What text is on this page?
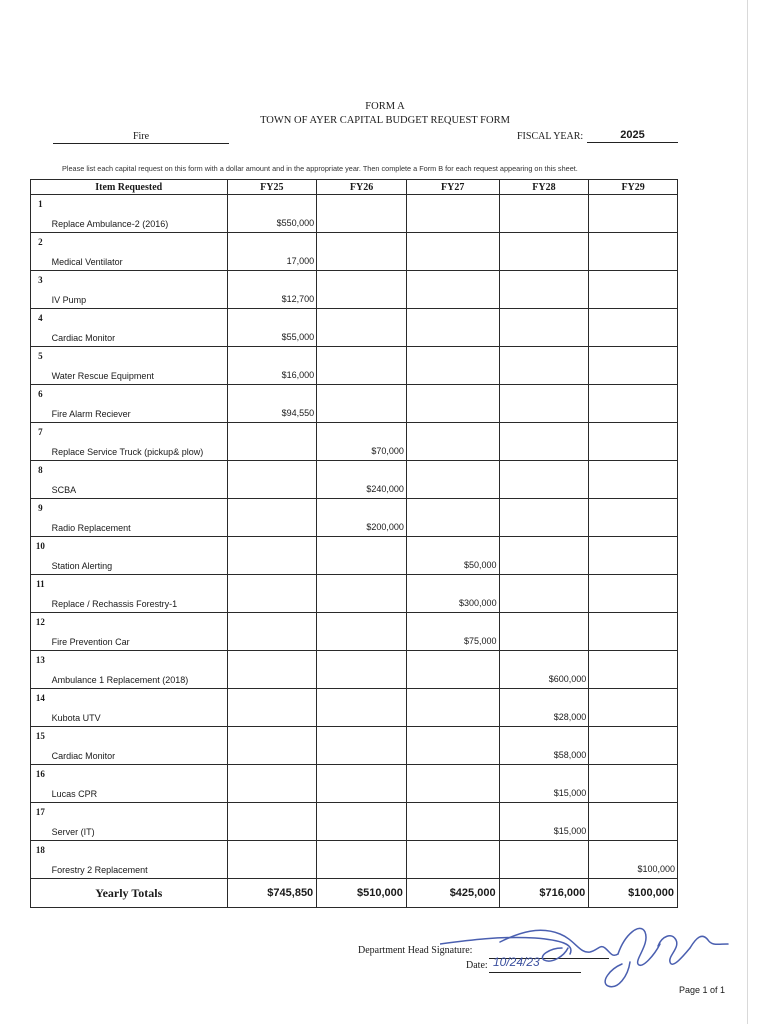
FORM A
TOWN OF AYER CAPITAL BUDGET REQUEST FORM
Fire	FISCAL YEAR:	2025
Please list each capital request on this form with a dollar amount and in the appropriate year. Then complete a Form B for each request appearing on this sheet.
Item Requested		FY25	FY26	FY27	FY28	FY29
1	Replace Ambulance-2 (2016)	$550,000				
2	Medical Ventilator	17,000				
3	IV Pump	$12,700				
4	Cardiac Monitor	$55,000				
5	Water Rescue Equipment	$16,000				
6	Fire Alarm Reciever	$94,550				
7	Replace Service Truck (pickup& plow)		$70,000			
8	SCBA		$240,000			
9	Radio Replacement		$200,000			
10	Station Alerting			$50,000		
11	Replace / Rechassis Forestry-1			$300,000		
12	Fire Prevention Car			$75,000		
13	Ambulance 1 Replacement (2018)				$600,000	
14	Kubota UTV				$28,000	
15	Cardiac Monitor				$58,000	
16	Lucas CPR				$15,000	
17	Server (IT)				$15,000	
18	Forestry 2 Replacement					$100,000
Yearly Totals		$745,850	$510,000	$425,000	$716,000	$100,000
Department Head Signature:
Date: 10/24/23
Page 1 of 1
